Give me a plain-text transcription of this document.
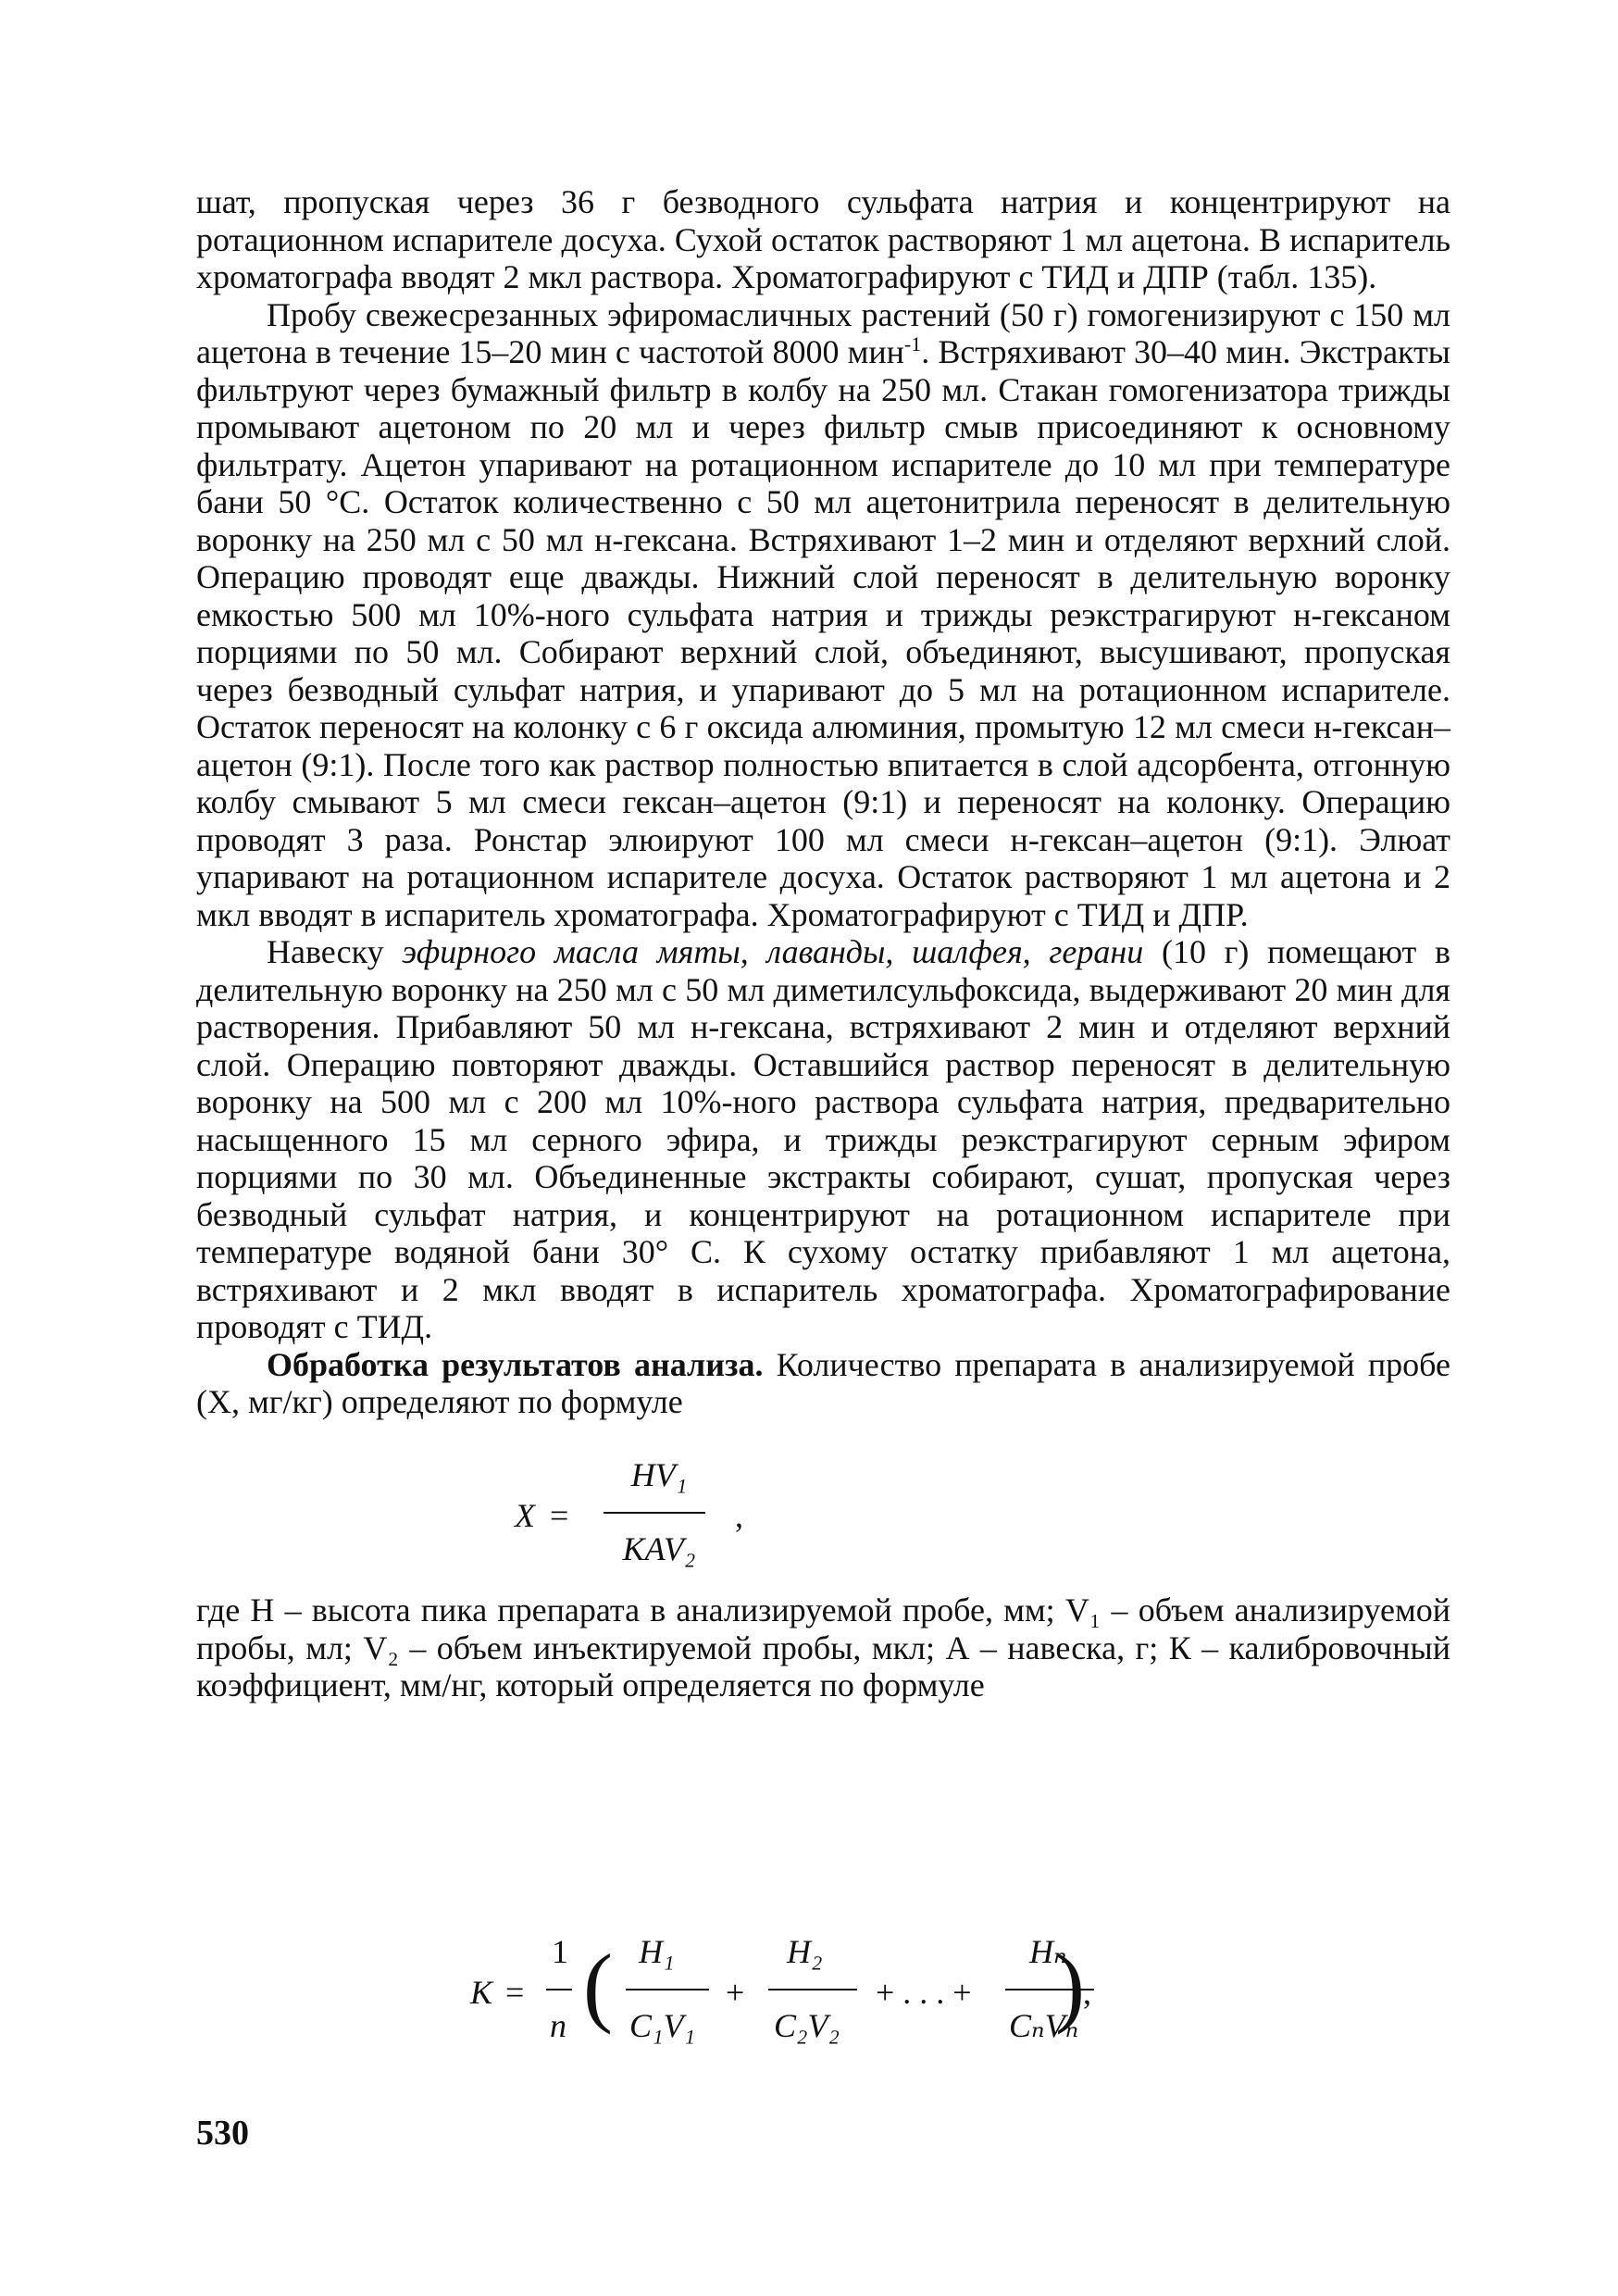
шат, пропуская через 36 г безводного сульфата натрия и концентрируют на ротационном испарителе досуха. Сухой остаток растворяют 1 мл ацетона. В испаритель хроматографа вводят 2 мкл раствора. Хроматографируют с ТИД и ДПР (табл. 135).

Пробу свежесрезанных эфиромасличных растений (50 г) гомогенизируют с 150 мл ацетона в течение 15–20 мин с частотой 8000 мин$^{-1}$. Встряхивают 30–40 мин. Экстракты фильтруют через бумажный фильтр в колбу на 250 мл. Стакан гомогенизатора трижды промывают ацетоном по 20 мл и через фильтр смыв присоединяют к основному фильтрату. Ацетон упаривают на ротационном испарителе до 10 мл при температуре бани 50 °С. Остаток количественно с 50 мл ацетонитрила переносят в делительную воронку на 250 мл с 50 мл н-гексана. Встряхивают 1–2 мин и отделяют верхний слой. Операцию проводят еще дважды. Нижний слой переносят в делительную воронку емкостью 500 мл 10%-ного сульфата натрия и трижды реэкстрагируют н-гексаном порциями по 50 мл. Собирают верхний слой, объединяют, высушивают, пропуская через безводный сульфат натрия, и упаривают до 5 мл на ротационном испарителе. Остаток переносят на колонку с 6 г оксида алюминия, промытую 12 мл смеси н-гексан–ацетон (9:1). После того как раствор полностью впитается в слой адсорбента, отгонную колбу смывают 5 мл смеси гексан–ацетон (9:1) и переносят на колонку. Операцию проводят 3 раза. Ронстар элюируют 100 мл смеси н-гексан–ацетон (9:1). Элюат упаривают на ротационном испарителе досуха. Остаток растворяют 1 мл ацетона и 2 мкл вводят в испаритель хроматографа. Хроматографируют с ТИД и ДПР.

Навеску эфирного масла мяты, лаванды, шалфея, герани (10 г) помещают в делительную воронку на 250 мл с 50 мл диметилсульфоксида, выдерживают 20 мин для растворения. Прибавляют 50 мл н-гексана, встряхивают 2 мин и отделяют верхний слой. Операцию повторяют дважды. Оставшийся раствор переносят в делительную воронку на 500 мл с 200 мл 10%-ного раствора сульфата натрия, предварительно насыщенного 15 мл серного эфира, и трижды реэкстрагируют серным эфиром порциями по 30 мл. Объединенные экстракты собирают, сушат, пропуская через безводный сульфат натрия, и концентрируют на ротационном испарителе при температуре водяной бани 30° С. К сухому остатку прибавляют 1 мл ацетона, встряхивают и 2 мкл вводят в испаритель хроматографа. Хроматографирование проводят с ТИД.

Обработка результатов анализа. Количество препарата в анализируемой пробе (Х, мг/кг) определяют по формуле

X =
HV₁
KAV₂
,

где Н – высота пика препарата в анализируемой пробе, мм; V₁ – объем анализируемой пробы, мл; V₂ – объем инъектируемой пробы, мкл; А – навеска, г; К – калибровочный коэффициент, мм/нг, который определяется по формуле

K =
1
n ( H₁
C₁V₁
+
H₂
C₂V₂
+ . . . +
Hₙ
CₙVₙ
)
,
530
